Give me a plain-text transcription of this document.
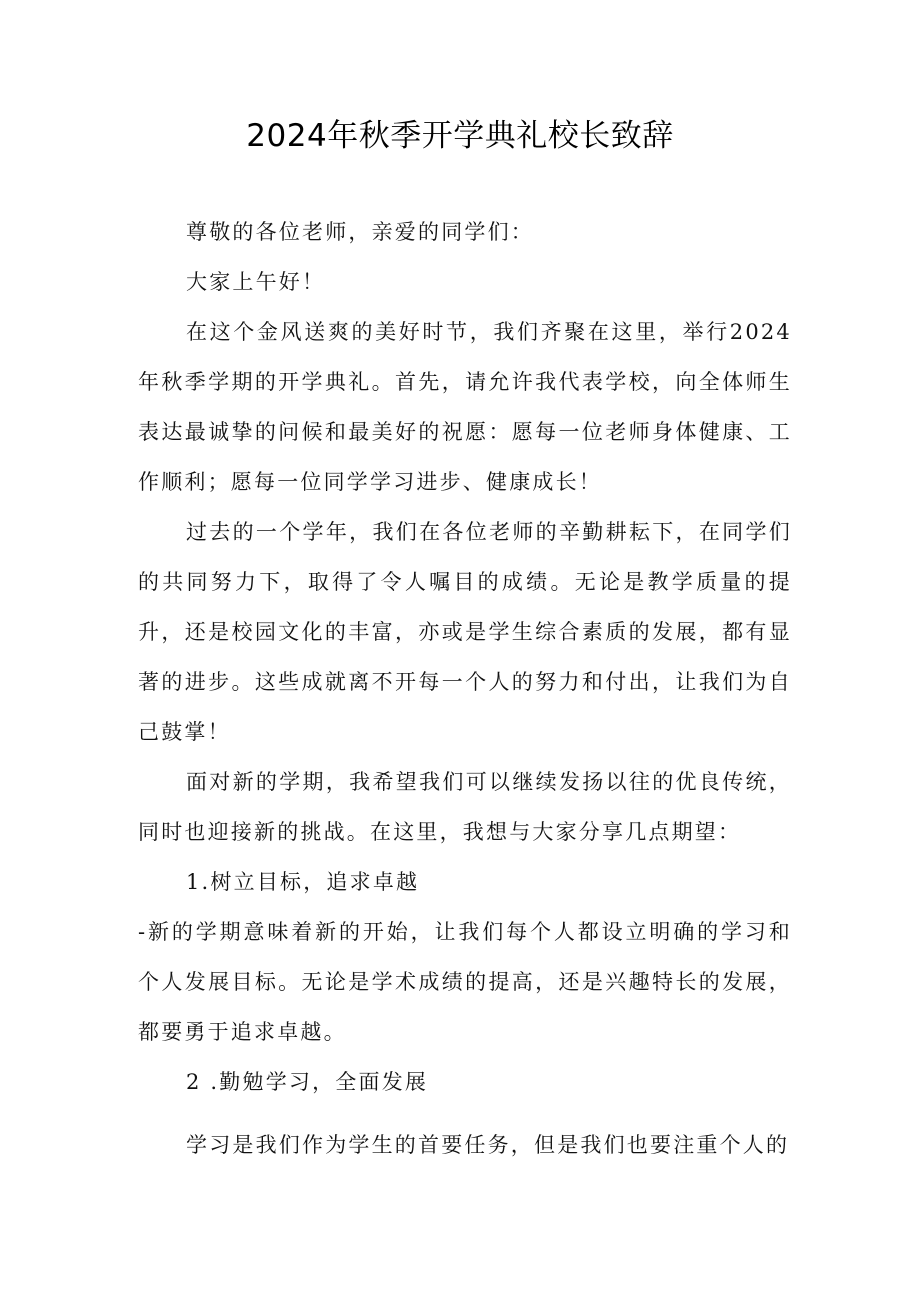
2024年秋季开学典礼校长致辞

尊敬的各位老师，亲爱的同学们：

大家上午好！

在这个金风送爽的美好时节，我们齐聚在这里，举行2024年秋季学期的开学典礼。首先，请允许我代表学校，向全体师生表达最诚挚的问候和最美好的祝愿：愿每一位老师身体健康、工作顺利；愿每一位同学学习进步、健康成长！

过去的一个学年，我们在各位老师的辛勤耕耘下，在同学们的共同努力下，取得了令人嘱目的成绩。无论是教学质量的提升，还是校园文化的丰富，亦或是学生综合素质的发展，都有显著的进步。这些成就离不开每一个人的努力和付出，让我们为自己鼓掌！

面对新的学期，我希望我们可以继续发扬以往的优良传统，同时也迎接新的挑战。在这里，我想与大家分享几点期望：

1.树立目标，追求卓越

-新的学期意味着新的开始，让我们每个人都设立明确的学习和个人发展目标。无论是学术成绩的提高，还是兴趣特长的发展，都要勇于追求卓越。

2 .勤勉学习，全面发展

学习是我们作为学生的首要任务，但是我们也要注重个人的
